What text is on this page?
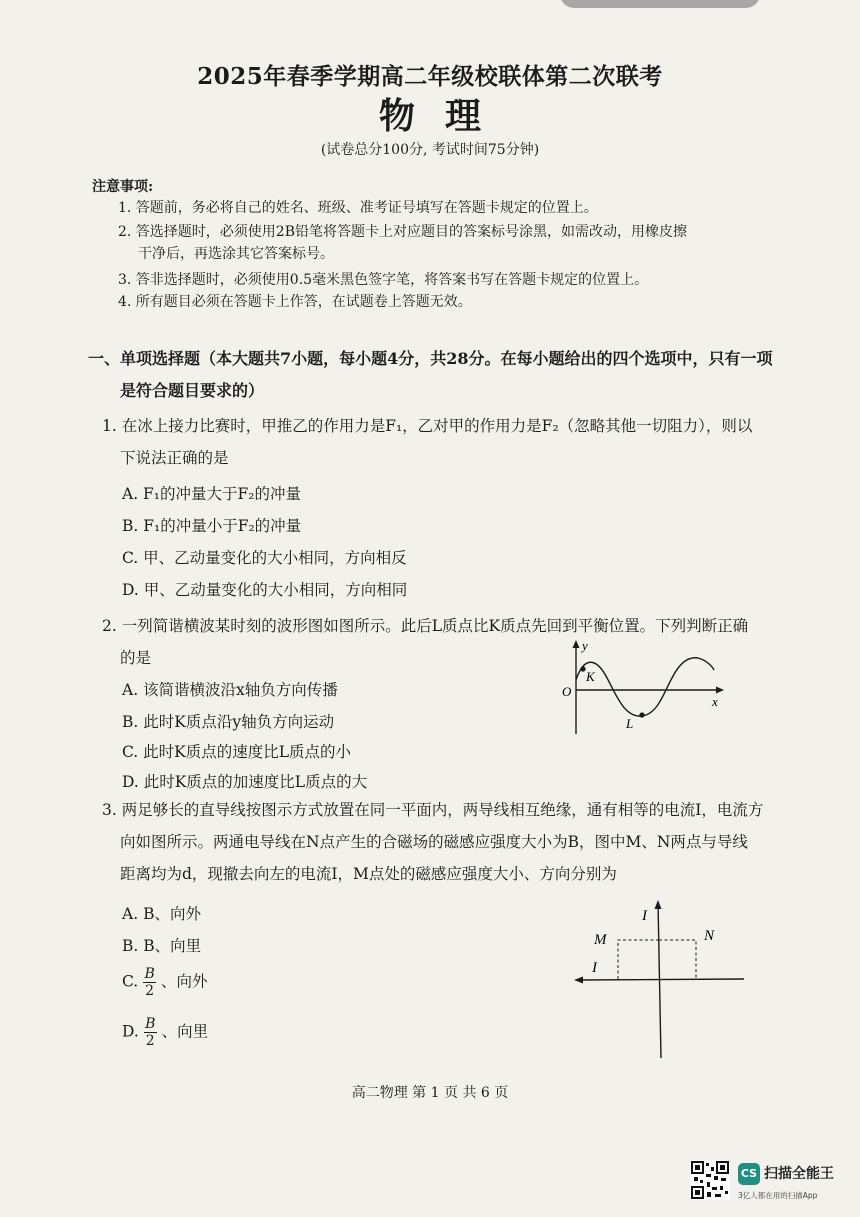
2025年春季学期高二年级校联体第二次联考
物理
(试卷总分100分, 考试时间75分钟)
注意事项:
1. 答题前，务必将自己的姓名、班级、准考证号填写在答题卡规定的位置上。
2. 答选择题时，必须使用2B铅笔将答题卡上对应题目的答案标号涂黑，如需改动，用橡皮擦
干净后，再选涂其它答案标号。
3. 答非选择题时，必须使用0.5毫米黑色签字笔，将答案书写在答题卡规定的位置上。
4. 所有题目必须在答题卡上作答，在试题卷上答题无效。
一、单项选择题（本大题共7小题，每小题4分，共28分。在每小题给出的四个选项中，只有一项
是符合题目要求的）
1. 在冰上接力比赛时，甲推乙的作用力是F₁，乙对甲的作用力是F₂（忽略其他一切阻力），则以
下说法正确的是
A. F₁的冲量大于F₂的冲量
B. F₁的冲量小于F₂的冲量
C. 甲、乙动量变化的大小相同，方向相反
D. 甲、乙动量变化的大小相同，方向相同
2. 一列简谐横波某时刻的波形图如图所示。此后L质点比K质点先回到平衡位置。下列判断正确
的是
A. 该简谐横波沿x轴负方向传播
B. 此时K质点沿y轴负方向运动
C. 此时K质点的速度比L质点的小
D. 此时K质点的加速度比L质点的大
y
x
O
K
L
3. 两足够长的直导线按图示方式放置在同一平面内，两导线相互绝缘，通有相等的电流I，电流方
向如图所示。两通电导线在N点产生的合磁场的磁感应强度大小为B，图中M、N两点与导线
距离均为d，现撤去向左的电流I，M点处的磁感应强度大小、方向分别为
A. B、向外
B. B、向里
C. $\frac{B}{2}$ 、向外
D. $\frac{B}{2}$ 、向里
I
I
M	N
高二物理 第 1 页 共 6 页
CS 扫描全能王
3亿人都在用的扫描App
